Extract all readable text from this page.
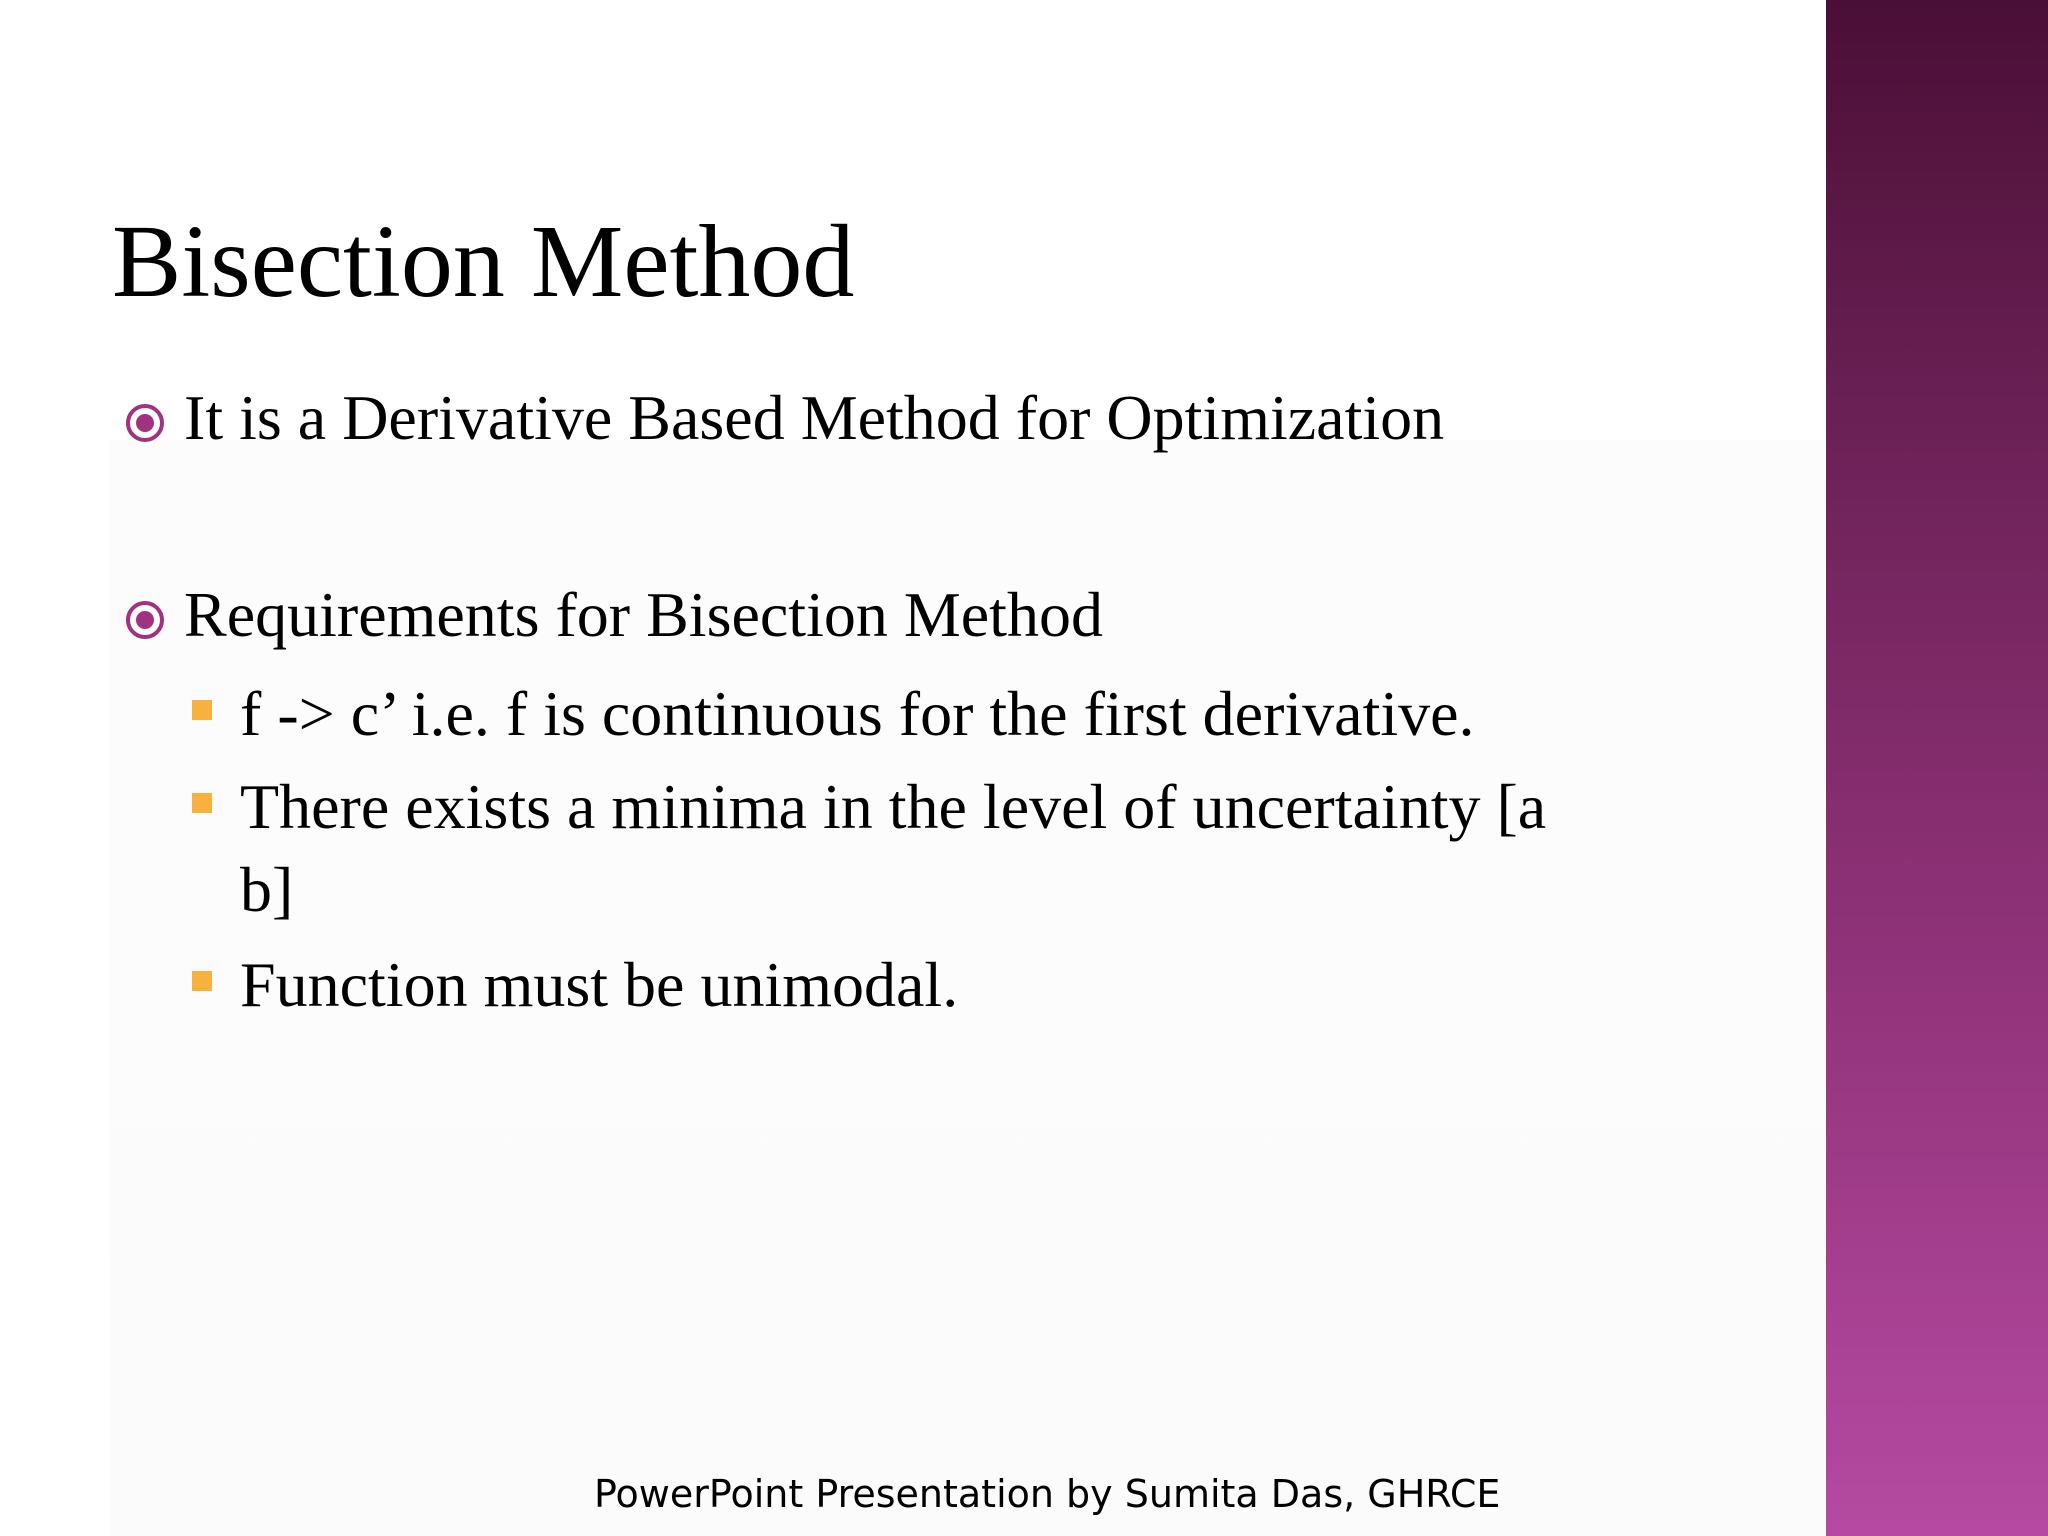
Bisection Method
It is a Derivative Based Method for Optimization
Requirements for Bisection Method
f -> c’ i.e. f is continuous for the first derivative.
There exists a minima in the level of uncertainty [a
b]
Function must be unimodal.
PowerPoint Presentation by Sumita Das, GHRCE
